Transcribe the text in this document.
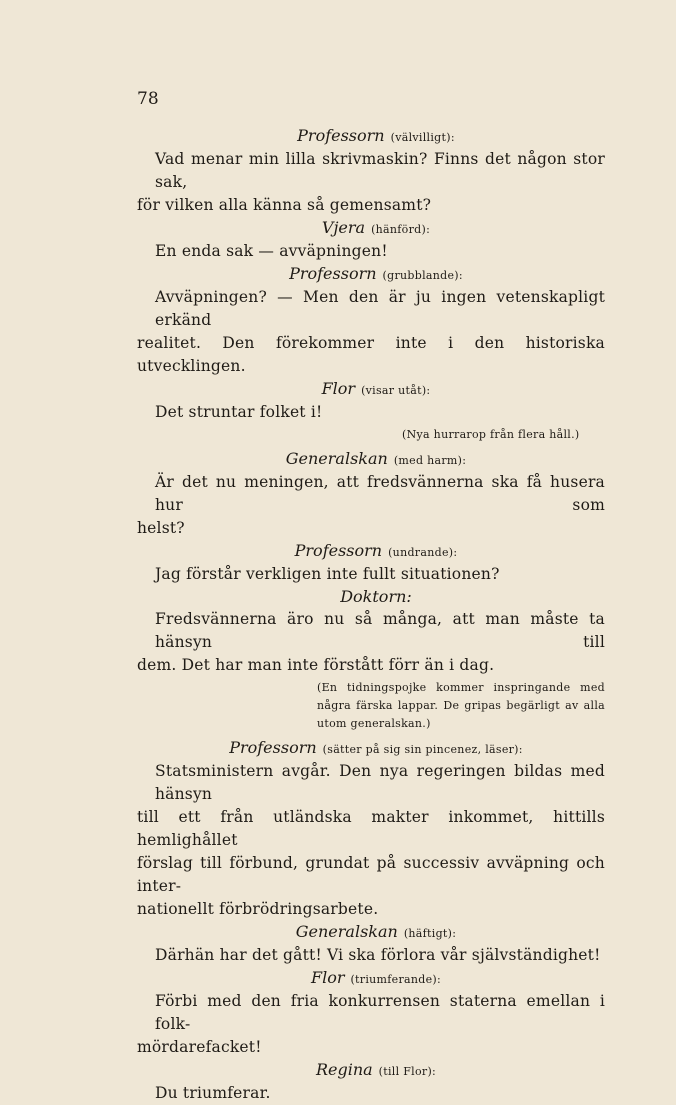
78

Professorn (välvilligt):

Vad menar min lilla skrivmaskin? Finns det någon stor sak,
för vilken alla känna så gemensamt?

Vjera (hänförd):

En enda sak — avväpningen!

Professorn (grubblande):

Avväpningen? — Men den är ju ingen vetenskapligt erkänd
realitet. Den förekommer inte i den historiska utvecklingen.

Flor (visar utåt):

Det struntar folket i!

(Nya hurrarop från flera håll.)

Generalskan (med harm):

Är det nu meningen, att fredsvännerna ska få husera hur som
helst?

Professorn (undrande):

Jag förstår verkligen inte fullt situationen?

Doktorn:

Fredsvännerna äro nu så många, att man måste ta hänsyn till
dem. Det har man inte förstått förr än i dag.

(En tidningspojke kommer inspringande med
några färska lappar. De gripas begärligt av alla
utom generalskan.)

Professorn (sätter på sig sin pincenez, läser):

Statsministern avgår. Den nya regeringen bildas med hänsyn
till ett från utländska makter inkommet, hittills hemlighållet
förslag till förbund, grundat på successiv avväpning och inter-
nationellt förbrödringsarbete.

Generalskan (häftigt):

Därhän har det gått! Vi ska förlora vår självständighet!

Flor (triumferande):

Förbi med den fria konkurrensen staterna emellan i folk-
mördarefacket!

Regina (till Flor):

Du triumferar.
